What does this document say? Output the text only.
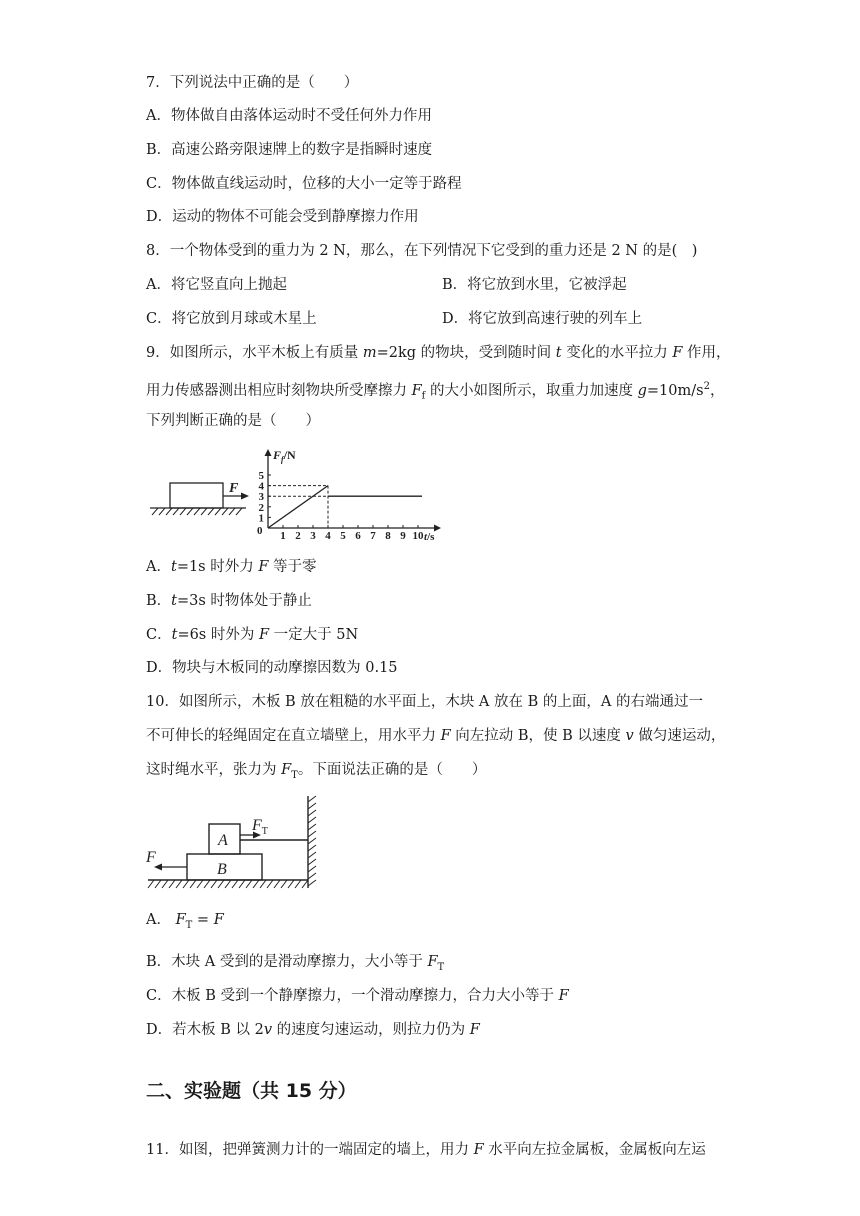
7．下列说法中正确的是（　　）
A．物体做自由落体运动时不受任何外力作用
B．高速公路旁限速牌上的数字是指瞬时速度
C．物体做直线运动时，位移的大小一定等于路程
D．运动的物体不可能会受到静摩擦力作用
8．一个物体受到的重力为 2 N，那么，在下列情况下它受到的重力还是 2 N 的是(　)
A．将它竖直向上抛起	B．将它放到水里，它被浮起
C．将它放到月球或木星上	D．将它放到高速行驶的列车上
9．如图所示，水平木板上有质量 m=2kg 的物块，受到随时间 t 变化的水平拉力 F 作用，
用力传感器测出相应时刻物块所受摩擦力 $F_f$ 的大小如图所示，取重力加速度 $g=10m/s^2$，
下列判断正确的是（　　）
F
$F_f/N$
0	t/s
1 2 3 4 5 6 7 8 9 10
1
2
3
4
5
A．t=1s 时外力 F 等于零
B．t=3s 时物体处于静止
C．t=6s 时外为 F 一定大于 5N
D．物块与木板同的动摩擦因数为 0.15
10．如图所示，木板 B 放在粗糙的水平面上，木块 A 放在 B 的上面，A 的右端通过一
不可伸长的轻绳固定在直立墙壁上，用水平力 F 向左拉动 B，使 B 以速度 v 做匀速运动，
这时绳水平，张力为 $F_T$。下面说法正确的是（　　）
A
B
$F_T$
F
A． $F_T = F$
B．木块 A 受到的是滑动摩擦力，大小等于 $F_T$
C．木板 B 受到一个静摩擦力，一个滑动摩擦力，合力大小等于 F
D．若木板 B 以 2v 的速度匀速运动，则拉力仍为 F
二、实验题（共 15 分）
11．如图，把弹簧测力计的一端固定的墙上，用力 F 水平向左拉金属板，金属板向左运
